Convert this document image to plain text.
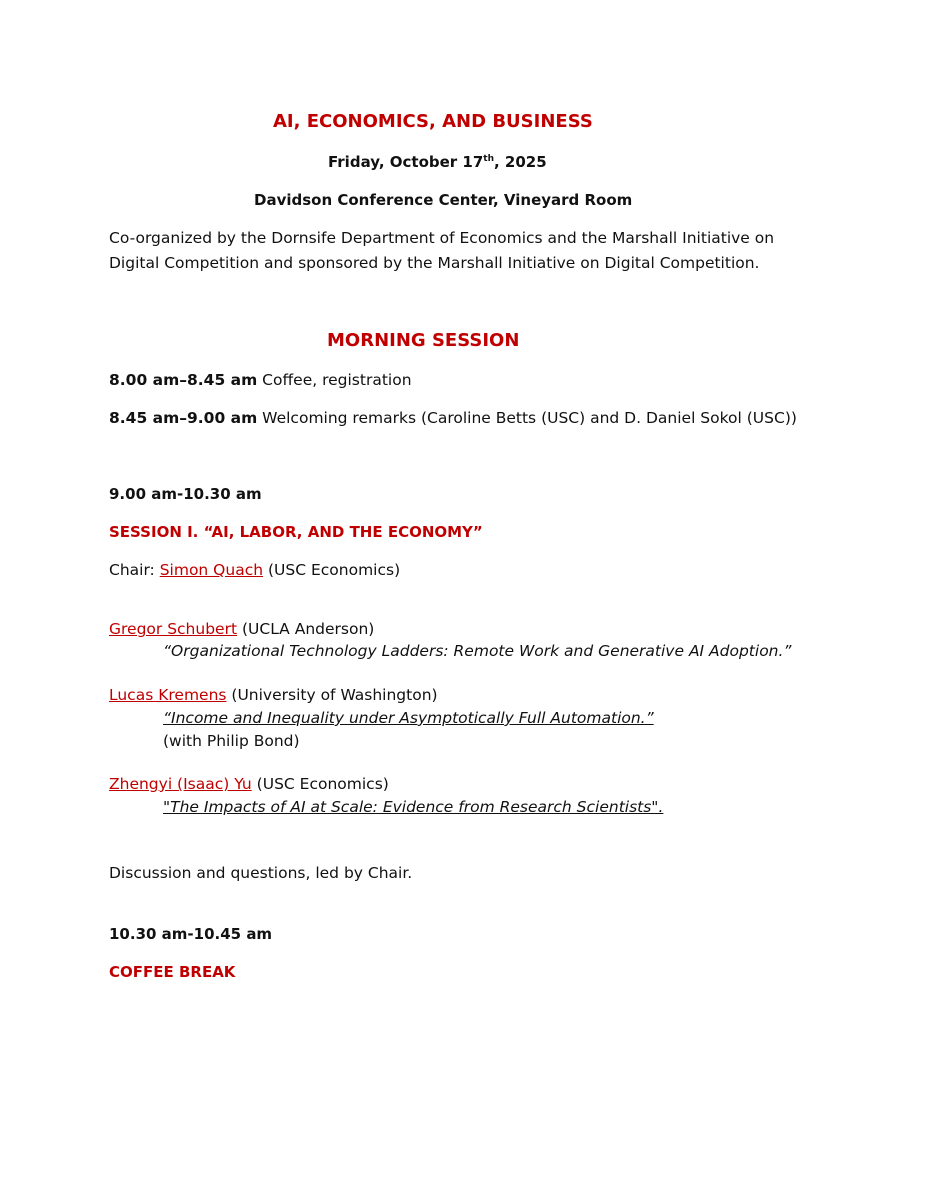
AI, ECONOMICS, AND BUSINESS
Friday, October 17th, 2025
Davidson Conference Center, Vineyard Room
Co-organized by the Dornsife Department of Economics and the Marshall Initiative on
Digital Competition and sponsored by the Marshall Initiative on Digital Competition.
MORNING SESSION
8.00 am–8.45 am Coffee, registration
8.45 am–9.00 am Welcoming remarks (Caroline Betts (USC) and D. Daniel Sokol (USC))
9.00 am-10.30 am
SESSION I. “AI, LABOR, AND THE ECONOMY”
Chair: Simon Quach (USC Economics)
Gregor Schubert (UCLA Anderson)
“Organizational Technology Ladders: Remote Work and Generative AI Adoption.”
Lucas Kremens (University of Washington)
“Income and Inequality under Asymptotically Full Automation.”
(with Philip Bond)
Zhengyi (Isaac) Yu (USC Economics)
"The Impacts of AI at Scale: Evidence from Research Scientists".
Discussion and questions, led by Chair.
10.30 am-10.45 am
COFFEE BREAK
